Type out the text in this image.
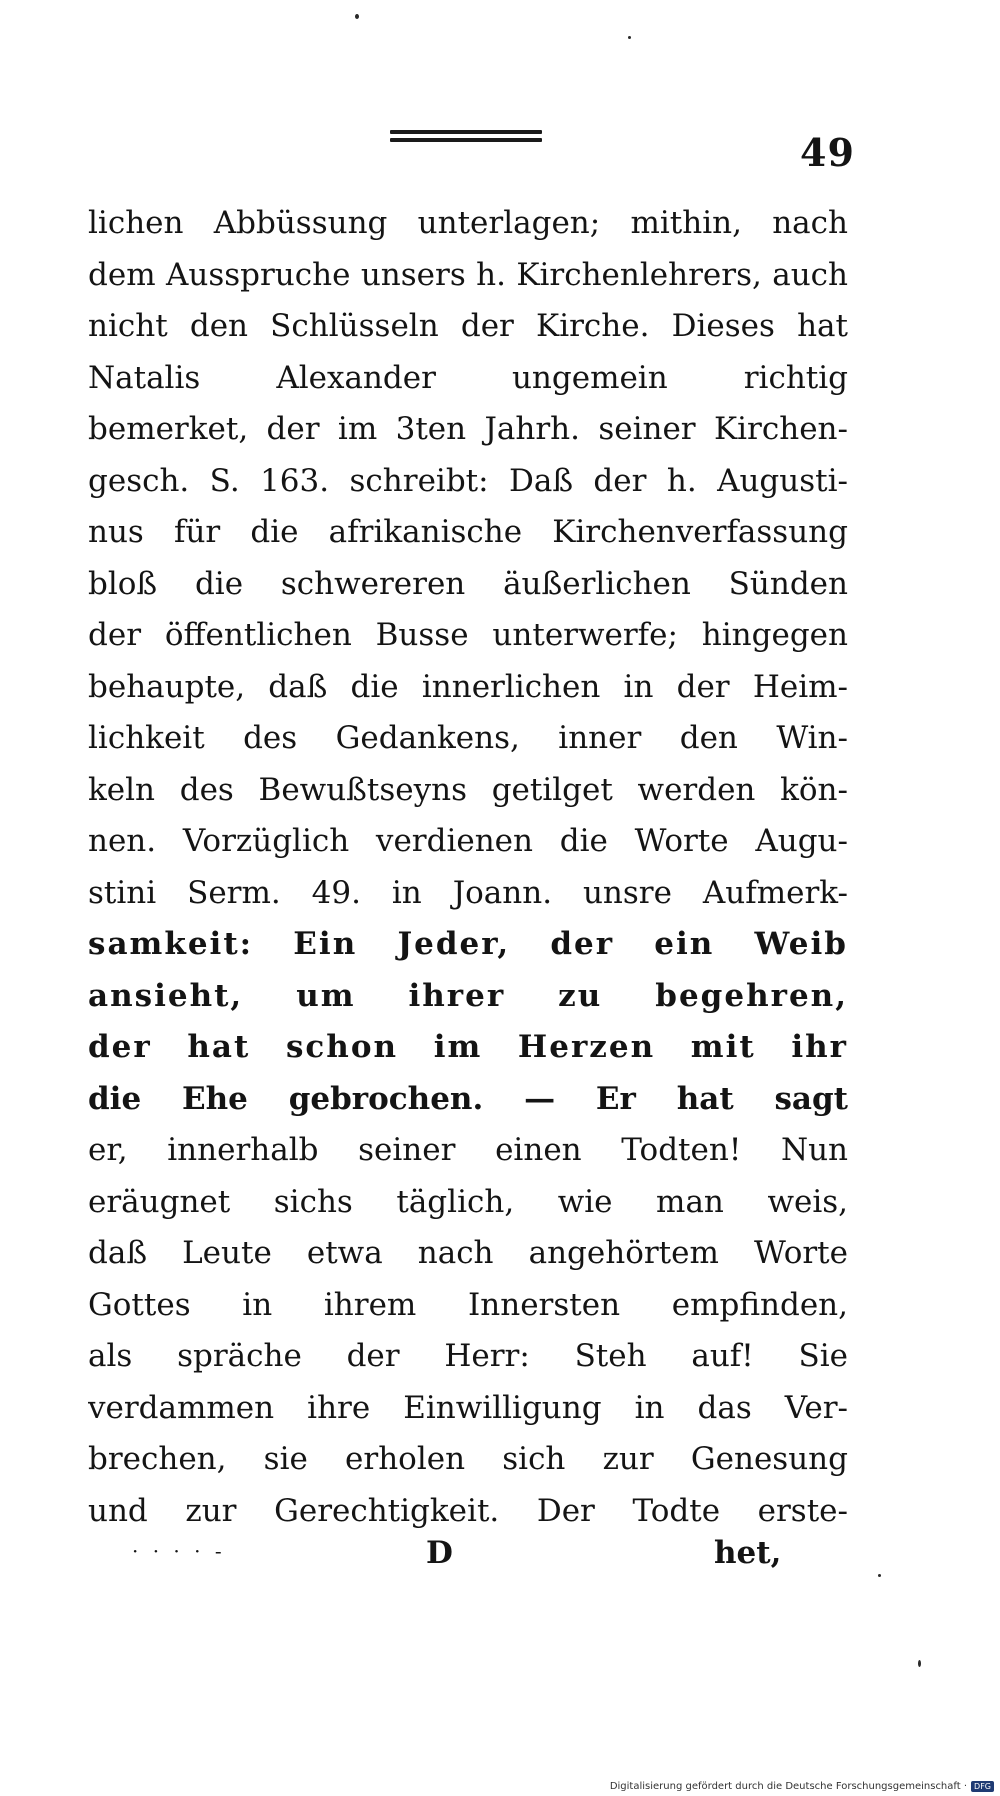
49
lichen Abbüssung unterlagen; mithin, nach
dem Ausspruche unsers h. Kirchenlehrers, auch
nicht den Schlüsseln der Kirche. Dieses hat
Natalis Alexander ungemein richtig
bemerket, der im 3ten Jahrh. seiner Kirchen-
gesch. S. 163. schreibt: Daß der h. Augusti-
nus für die afrikanische Kirchenverfassung
bloß die schwereren äußerlichen Sünden
der öffentlichen Busse unterwerfe; hingegen
behaupte, daß die innerlichen in der Heim-
lichkeit des Gedankens, inner den Win-
keln des Bewußtseyns getilget werden kön-
nen. Vorzüglich verdienen die Worte Augu-
stini Serm. 49. in Joann. unsre Aufmerk-
samkeit: Ein Jeder, der ein Weib
ansieht, um ihrer zu begehren,
der hat schon im Herzen mit ihr
die Ehe gebrochen. — Er hat sagt
er, innerhalb seiner einen Todten! Nun
eräugnet sichs täglich, wie man weis,
daß Leute etwa nach angehörtem Worte
Gottes in ihrem Innersten empfinden,
als spräche der Herr: Steh auf! Sie
verdammen ihre Einwilligung in das Ver-
brechen, sie erholen sich zur Genesung
und zur Gerechtigkeit. Der Todte erste-
· · · · -	D	het,
Digitalisierung gefördert durch die Deutsche Forschungsgemeinschaft · DFG
